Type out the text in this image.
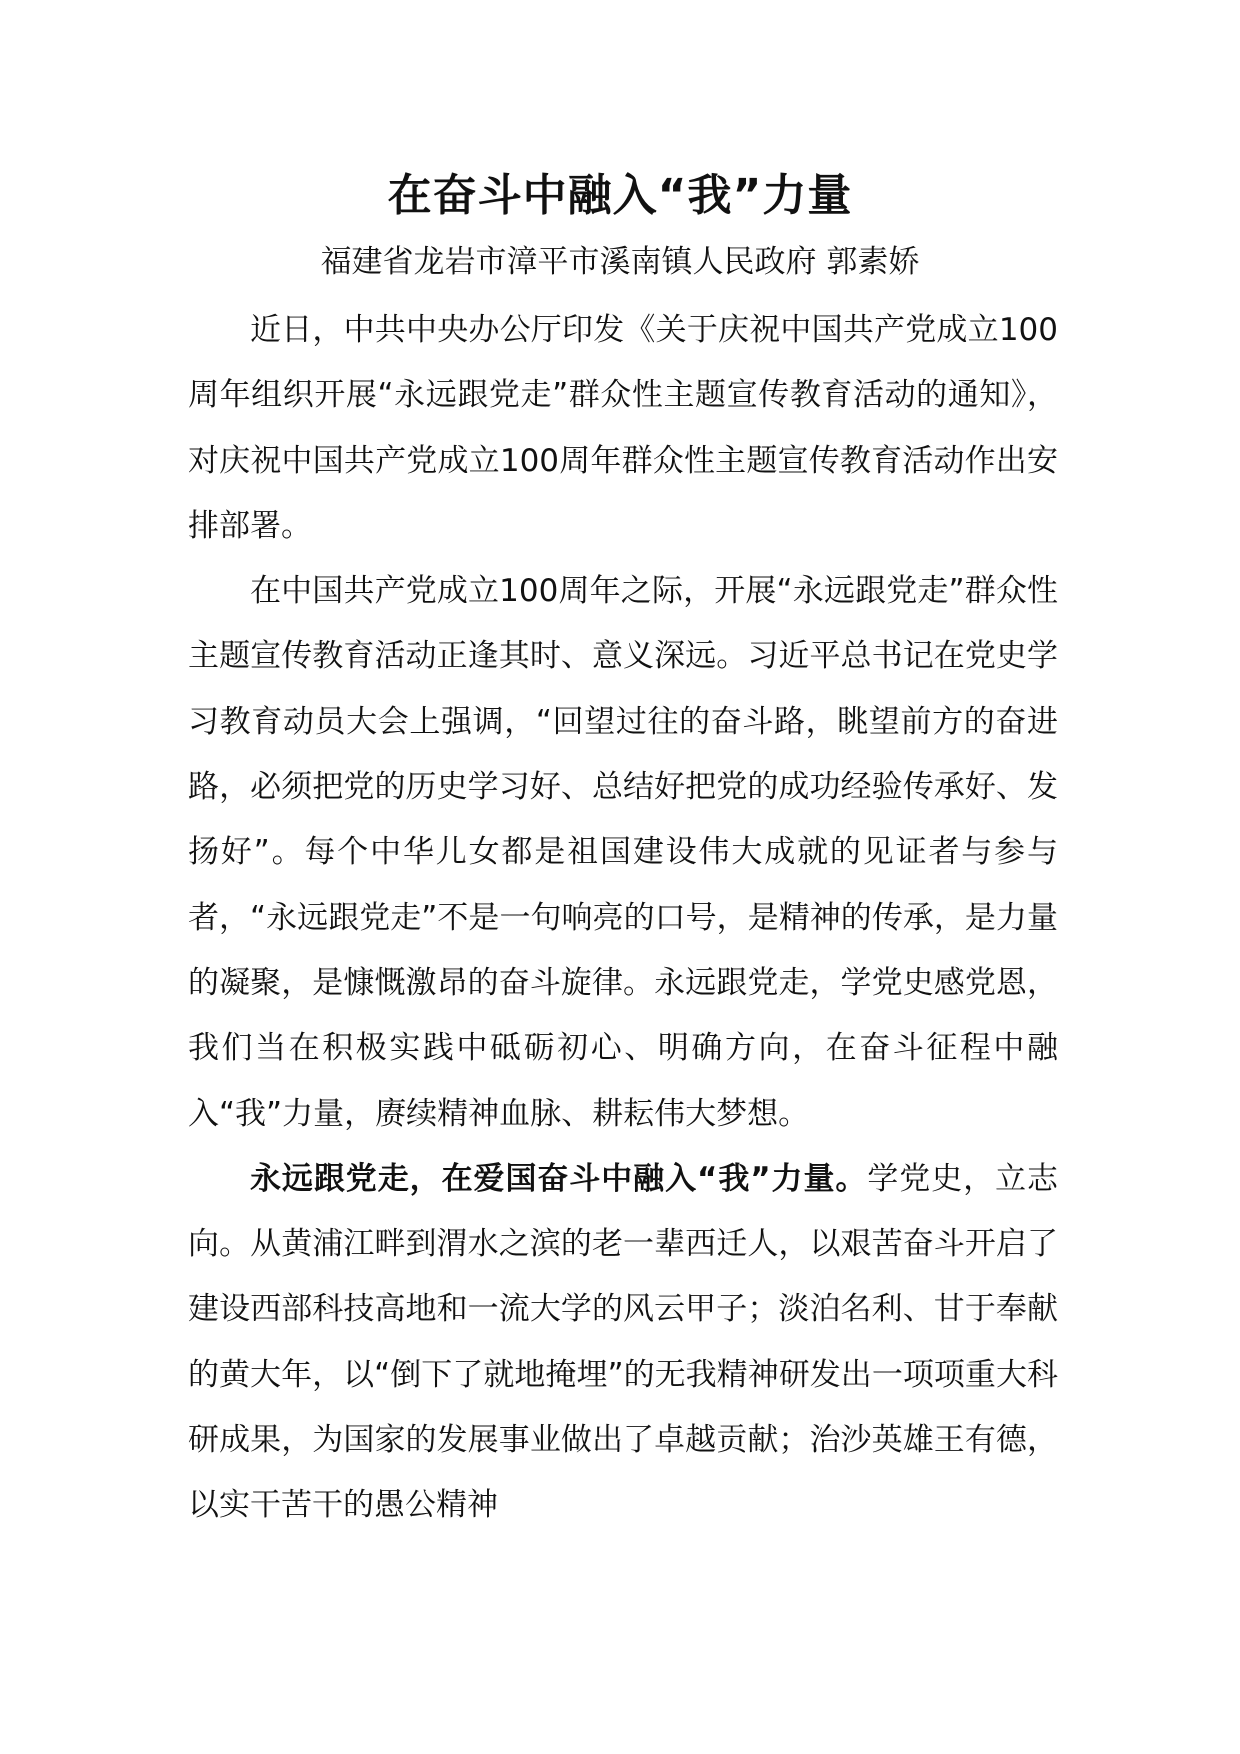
在奋斗中融入“我”力量
福建省龙岩市漳平市溪南镇人民政府 郭素娇

近日，中共中央办公厅印发《关于庆祝中国共产党成立100周年组织开展“永远跟党走”群众性主题宣传教育活动的通知》，对庆祝中国共产党成立100周年群众性主题宣传教育活动作出安排部署。

在中国共产党成立100周年之际，开展“永远跟党走”群众性主题宣传教育活动正逢其时、意义深远。习近平总书记在党史学习教育动员大会上强调，“回望过往的奋斗路，眺望前方的奋进路，必须把党的历史学习好、总结好把党的成功经验传承好、发扬好”。每个中华儿女都是祖国建设伟大成就的见证者与参与者，“永远跟党走”不是一句响亮的口号，是精神的传承，是力量的凝聚，是慷慨激昂的奋斗旋律。永远跟党走，学党史感党恩，我们当在积极实践中砥砺初心、明确方向，在奋斗征程中融入“我”力量，赓续精神血脉、耕耘伟大梦想。

永远跟党走，在爱国奋斗中融入“我”力量。学党史，立志向。从黄浦江畔到渭水之滨的老一辈西迁人，以艰苦奋斗开启了建设西部科技高地和一流大学的风云甲子；淡泊名利、甘于奉献的黄大年，以“倒下了就地掩埋”的无我精神研发出一项项重大科研成果，为国家的发展事业做出了卓越贡献；治沙英雄王有德，以实干苦干的愚公精神
